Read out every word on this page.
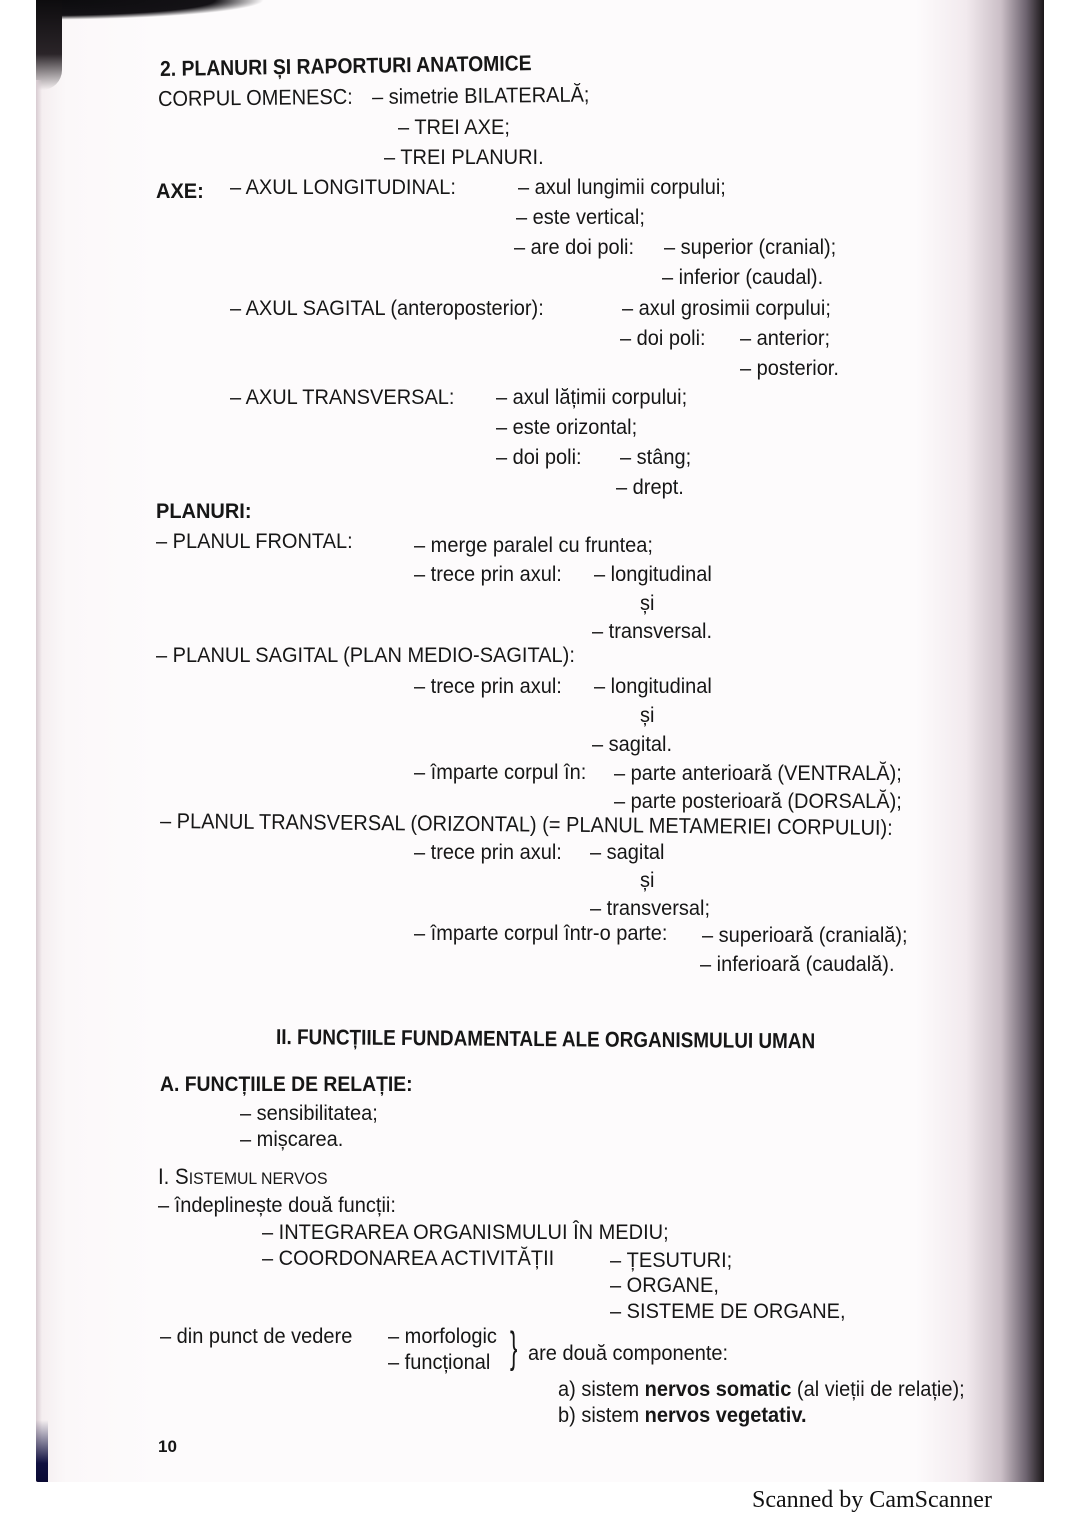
2. PLANURI ȘI RAPORTURI ANATOMICE
CORPUL OMENESC: – simetrie BILATERALĂ;
– TREI AXE;
– TREI PLANURI.
AXE: – AXUL LONGITUDINAL:	– axul lungimii corpului;
– este vertical;
– are doi poli: – superior (cranial);
– inferior (caudal).
– AXUL SAGITAL (anteroposterior):	– axul grosimii corpului;
– doi poli: – anterior;
– posterior.
– AXUL TRANSVERSAL: – axul lățimii corpului;
– este orizontal;
– doi poli: – stâng;
– drept.
PLANURI:
– PLANUL FRONTAL:	– merge paralel cu fruntea;
– trece prin axul: – longitudinal
și
– transversal.
– PLANUL SAGITAL (PLAN MEDIO-SAGITAL):
– trece prin axul: – longitudinal
și
– sagital.
– împarte corpul în: – parte anterioară (VENTRALĂ);
– parte posterioară (DORSALĂ);
– PLANUL TRANSVERSAL (ORIZONTAL) (= PLANUL METAMERIEI CORPULUI):
– trece prin axul: – sagital
și
– transversal;
– împarte corpul într-o parte: – superioară (cranială);
– inferioară (caudală).
II. FUNCȚIILE FUNDAMENTALE ALE ORGANISMULUI UMAN
A. FUNCȚIILE DE RELAȚIE:
– sensibilitatea;
– mișcarea.
I. SISTEMUL NERVOS
– îndeplinește două funcții:
– INTEGRAREA ORGANISMULUI ÎN MEDIU;
– COORDONAREA ACTIVITĂȚII	– ȚESUTURI;
– ORGANE,
– SISTEME DE ORGANE,
– din punct de vedere – morfologic
– funcțional } are două componente:
a) sistem nervos somatic (al vieții de relație);
b) sistem nervos vegetativ.
10
Scanned by CamScanner
